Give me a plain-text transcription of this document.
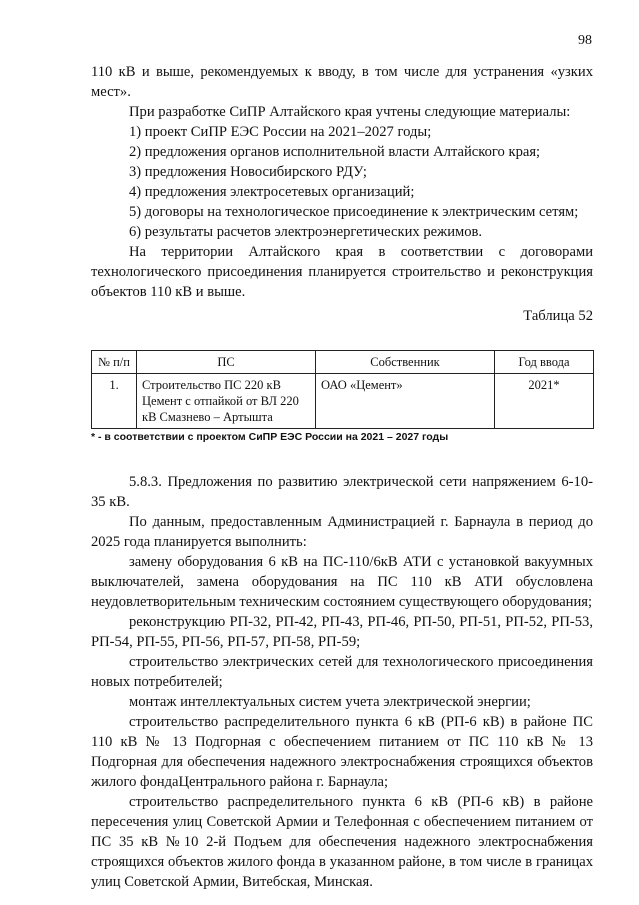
98

110 кВ и выше, рекомендуемых к вводу, в том числе для устранения «узких мест».

При разработке СиПР Алтайского края учтены следующие материалы:

1) проект СиПР ЕЭС России на 2021–2027 годы;

2) предложения органов исполнительной власти Алтайского края;

3) предложения Новосибирского РДУ;

4) предложения электросетевых организаций;

5) договоры на технологическое присоединение к электрическим сетям;

6) результаты расчетов электроэнергетических режимов.

На территории Алтайского края в соответствии с договорами технологического присоединения планируется строительство и реконструкция объектов 110 кВ и выше.

Таблица 52

№ п/п	ПС	Собственник	Год ввода
1.	Строительство ПС 220 кВ Цемент с отпайкой от ВЛ 220 кВ Смазнево – Артышта	ОАО «Цемент»	2021*
* - в соответствии с проектом СиПР ЕЭС России на 2021 – 2027 годы

5.8.3. Предложения по развитию электрической сети напряжением 6-10-35 кВ.

По данным, предоставленным Администрацией г. Барнаула в период до 2025 года планируется выполнить:

замену оборудования 6 кВ на ПС-110/6кВ АТИ с установкой вакуумных выключателей, замена оборудования на ПС 110 кВ АТИ обусловлена неудовлетворительным техническим состоянием существующего оборудования;

реконструкцию РП-32, РП-42, РП-43, РП-46, РП-50, РП-51, РП-52, РП-53, РП-54, РП-55, РП-56, РП-57, РП-58, РП-59;

строительство электрических сетей для технологического присоединения новых потребителей;

монтаж интеллектуальных систем учета электрической энергии;

строительство распределительного пункта 6 кВ (РП-6 кВ) в районе ПС 110 кВ № 13 Подгорная с обеспечением питанием от ПС 110 кВ № 13 Подгорная для обеспечения надежного электроснабжения строящихся объектов жилого фондаЦентрального района г. Барнаула;

строительство распределительного пункта 6 кВ (РП-6 кВ) в районе пересечения улиц Советской Армии и Телефонная с обеспечением питанием от ПС 35 кВ №10 2-й Подъем для обеспечения надежного электроснабжения строящихся объектов жилого фонда в указанном районе, в том числе в границах улиц Советской Армии, Витебская, Минская.
